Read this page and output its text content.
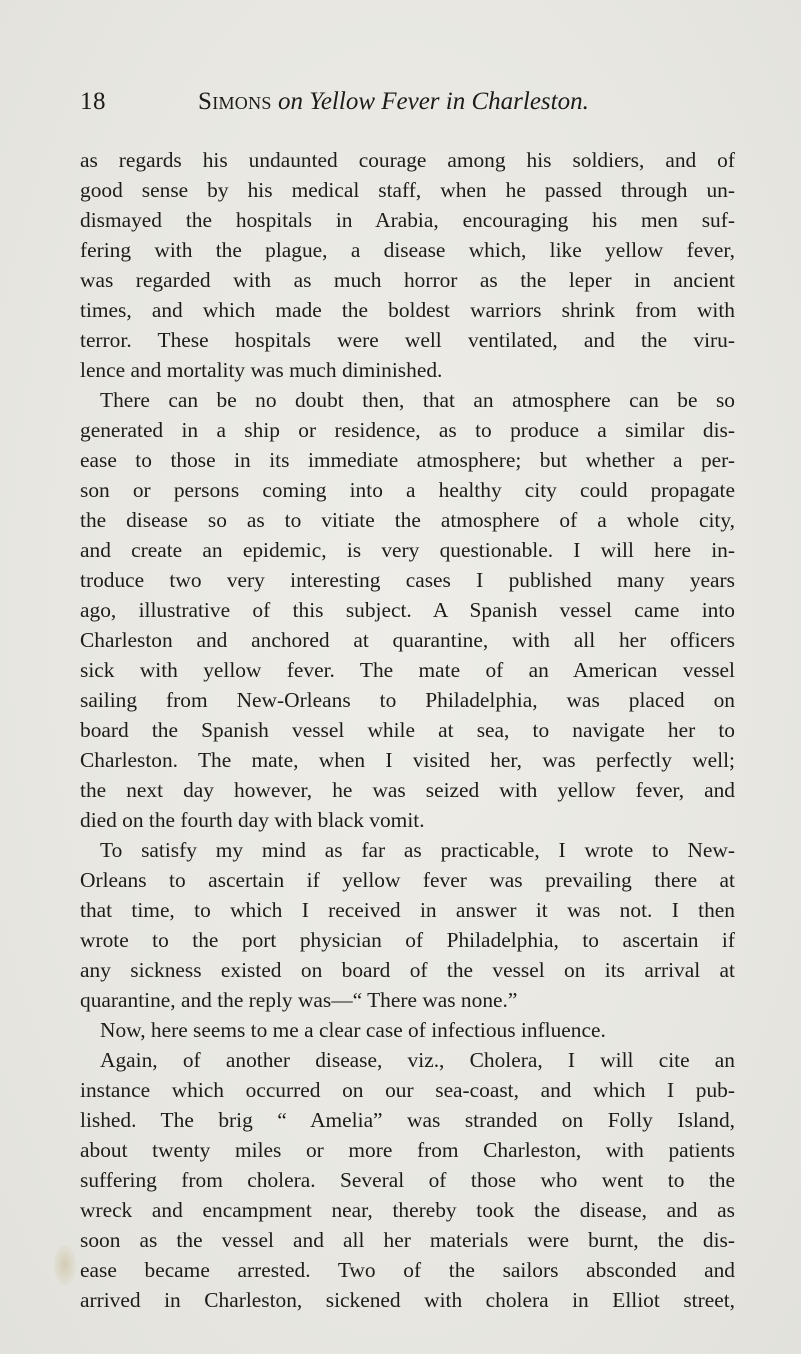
18	Simons on Yellow Fever in Charleston.
as regards his undaunted courage among his soldiers, and of
good sense by his medical staff, when he passed through un-
dismayed the hospitals in Arabia, encouraging his men suf-
fering with the plague, a disease which, like yellow fever,
was regarded with as much horror as the leper in ancient
times, and which made the boldest warriors shrink from with
terror. These hospitals were well ventilated, and the viru-
lence and mortality was much diminished.
There can be no doubt then, that an atmosphere can be so
generated in a ship or residence, as to produce a similar dis-
ease to those in its immediate atmosphere; but whether a per-
son or persons coming into a healthy city could propagate
the disease so as to vitiate the atmosphere of a whole city,
and create an epidemic, is very questionable. I will here in-
troduce two very interesting cases I published many years
ago, illustrative of this subject. A Spanish vessel came into
Charleston and anchored at quarantine, with all her officers
sick with yellow fever. The mate of an American vessel
sailing from New-Orleans to Philadelphia, was placed on
board the Spanish vessel while at sea, to navigate her to
Charleston. The mate, when I visited her, was perfectly well;
the next day however, he was seized with yellow fever, and
died on the fourth day with black vomit.
To satisfy my mind as far as practicable, I wrote to New-
Orleans to ascertain if yellow fever was prevailing there at
that time, to which I received in answer it was not. I then
wrote to the port physician of Philadelphia, to ascertain if
any sickness existed on board of the vessel on its arrival at
quarantine, and the reply was—“ There was none.”
Now, here seems to me a clear case of infectious influence.
Again, of another disease, viz., Cholera, I will cite an
instance which occurred on our sea-coast, and which I pub-
lished. The brig “ Amelia” was stranded on Folly Island,
about twenty miles or more from Charleston, with patients
suffering from cholera. Several of those who went to the
wreck and encampment near, thereby took the disease, and as
soon as the vessel and all her materials were burnt, the dis-
ease became arrested. Two of the sailors absconded and
arrived in Charleston, sickened with cholera in Elliot street,
